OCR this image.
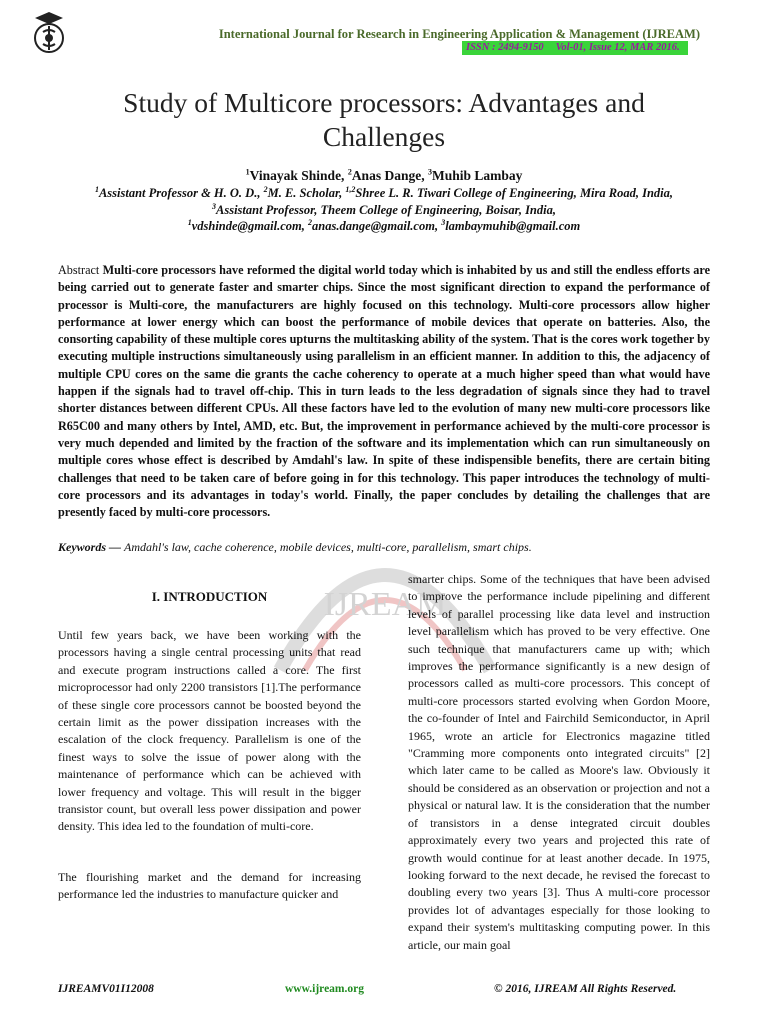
International Journal for Research in Engineering Application & Management (IJREAM)
ISSN : 2494-9150 Vol-01, Issue 12, MAR 2016.
Study of Multicore processors: Advantages and Challenges
$^1$Vinayak Shinde, $^2$Anas Dange, $^3$Muhib Lambay
$^1$Assistant Professor & H. O. D., $^2$M. E. Scholar, $^{1,2}$Shree L. R. Tiwari College of Engineering, Mira Road, India,
$^3$Assistant Professor, Theem College of Engineering, Boisar, India,
$^1$vdshinde@gmail.com, $^2$anas.dange@gmail.com, $^3$lambaymuhib@gmail.com
Abstract Multi-core processors have reformed the digital world today which is inhabited by us and still the endless efforts are being carried out to generate faster and smarter chips. Since the most significant direction to expand the performance of processor is Multi-core, the manufacturers are highly focused on this technology. Multi-core processors allow higher performance at lower energy which can boost the performance of mobile devices that operate on batteries. Also, the consorting capability of these multiple cores upturns the multitasking ability of the system. That is the cores work together by executing multiple instructions simultaneously using parallelism in an efficient manner. In addition to this, the adjacency of multiple CPU cores on the same die grants the cache coherency to operate at a much higher speed than what would have happen if the signals had to travel off-chip. This in turn leads to the less degradation of signals since they had to travel shorter distances between different CPUs. All these factors have led to the evolution of many new multi-core processors like R65C00 and many others by Intel, AMD, etc. But, the improvement in performance achieved by the multi-core processor is very much depended and limited by the fraction of the software and its implementation which can run simultaneously on multiple cores whose effect is described by Amdahl's law. In spite of these indispensible benefits, there are certain biting challenges that need to be taken care of before going in for this technology. This paper introduces the technology of multi-core processors and its advantages in today's world. Finally, the paper concludes by detailing the challenges that are presently faced by multi-core processors.
Keywords — Amdahl's law, cache coherence, mobile devices, multi-core, parallelism, smart chips.
IJREAM
I. INTRODUCTION
Until few years back, we have been working with the processors having a single central processing units that read and execute program instructions called a core. The first microprocessor had only 2200 transistors [1].The performance of these single core processors cannot be boosted beyond the certain limit as the power dissipation increases with the escalation of the clock frequency. Parallelism is one of the finest ways to solve the issue of power along with the maintenance of performance which can be achieved with lower frequency and voltage. This will result in the bigger transistor count, but overall less power dissipation and power density. This idea led to the foundation of multi-core.
The flourishing market and the demand for increasing performance led the industries to manufacture quicker and
smarter chips. Some of the techniques that have been advised to improve the performance include pipelining and different levels of parallel processing like data level and instruction level parallelism which has proved to be very effective. One such technique that manufacturers came up with; which improves the performance significantly is a new design of processors called as multi-core processors. This concept of multi-core processors started evolving when Gordon Moore, the co-founder of Intel and Fairchild Semiconductor, in April 1965, wrote an article for Electronics magazine titled "Cramming more components onto integrated circuits" [2] which later came to be called as Moore's law. Obviously it should be considered as an observation or projection and not a physical or natural law. It is the consideration that the number of transistors in a dense integrated circuit doubles approximately every two years and projected this rate of growth would continue for at least another decade. In 1975, looking forward to the next decade, he revised the forecast to doubling every two years [3]. Thus A multi-core processor provides lot of advantages especially for those looking to expand their system's multitasking computing power. In this article, our main goal
IJREAMV01I12008	www.ijream.org	© 2016, IJREAM All Rights Reserved.
